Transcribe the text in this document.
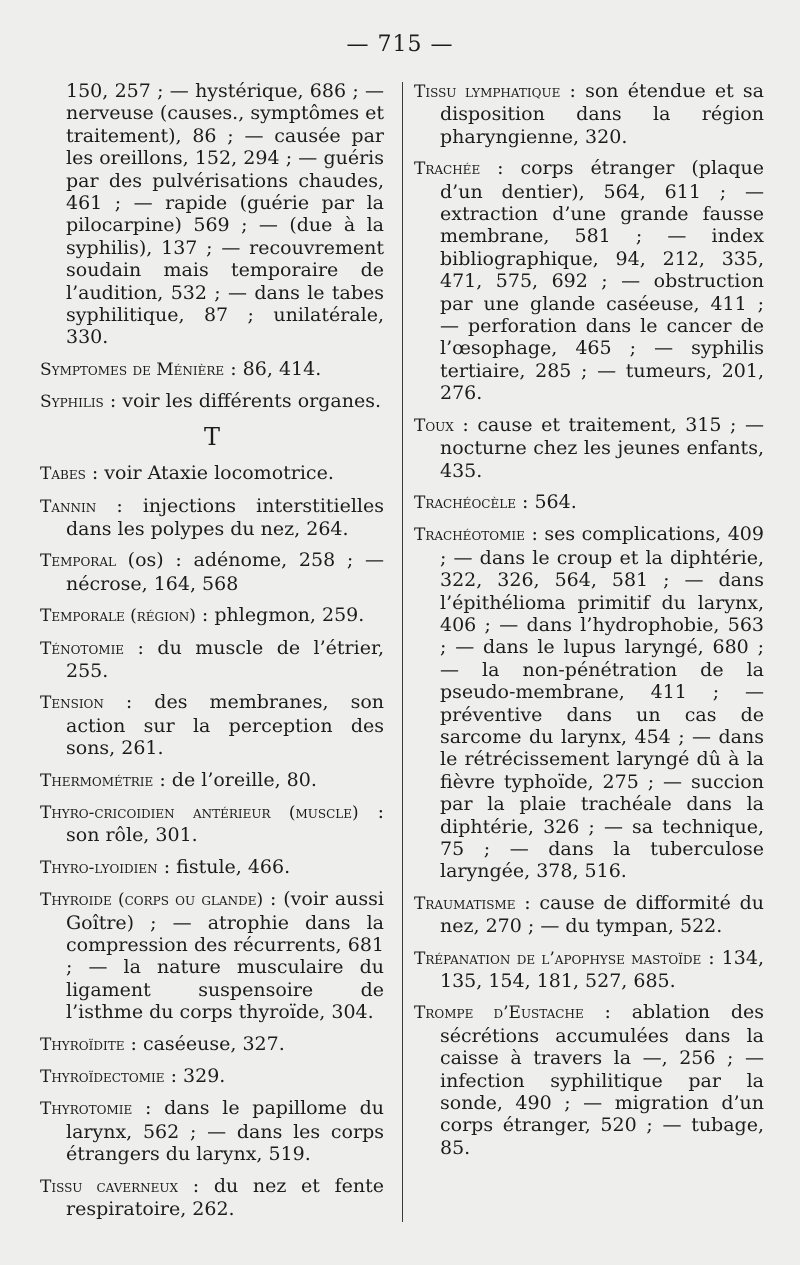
— 715 —

150, 257 ; — hystérique, 686 ; — nerveuse (causes., symptômes et traitement), 86 ; — causée par les oreillons, 152, 294 ; — guéris par des pulvérisations chaudes, 461 ; — rapide (guérie par la pilocarpine) 569 ; — (due à la syphilis), 137 ; — recouvrement soudain mais temporaire de l’audition, 532 ; — dans le tabes syphilitique, 87 ; unilatérale, 330.

Symptomes de Ménière : 86, 414.

Syphilis : voir les différents organes.

T

Tabes : voir Ataxie locomotrice.

Tannin : injections interstitielles dans les polypes du nez, 264.

Temporal (os) : adénome, 258 ; — nécrose, 164, 568

Temporale (région) : phlegmon, 259.

Ténotomie : du muscle de l’étrier, 255.

Tension : des membranes, son action sur la perception des sons, 261.

Thermométrie : de l’oreille, 80.

Thyro-cricoidien antérieur (muscle) : son rôle, 301.

Thyro-lyoidien : fistule, 466.

Thyroide (corps ou glande) : (voir aussi Goître) ; — atrophie dans la compression des récurrents, 681 ; — la nature musculaire du ligament suspensoire de l’isthme du corps thyroïde, 304.

Thyroïdite : caséeuse, 327.

Thyroïdectomie : 329.

Thyrotomie : dans le papillome du larynx, 562 ; — dans les corps étrangers du larynx, 519.

Tissu caverneux : du nez et fente respiratoire, 262.

Tissu lymphatique : son étendue et sa disposition dans la région pharyngienne, 320.

Trachée : corps étranger (plaque d’un dentier), 564, 611 ; — extraction d’une grande fausse membrane, 581 ; — index bibliographique, 94, 212, 335, 471, 575, 692 ; — obstruction par une glande caséeuse, 411 ; — perforation dans le cancer de l’œsophage, 465 ; — syphilis tertiaire, 285 ; — tumeurs, 201, 276.

Toux : cause et traitement, 315 ; — nocturne chez les jeunes enfants, 435.

Trachéocèle : 564.

Trachéotomie : ses complications, 409 ; — dans le croup et la diphtérie, 322, 326, 564, 581 ; — dans l’épithélioma primitif du larynx, 406 ; — dans l’hydrophobie, 563 ; — dans le lupus laryngé, 680 ; — la non-pénétration de la pseudo-membrane, 411 ; — préventive dans un cas de sarcome du larynx, 454 ; — dans le rétrécissement laryngé dû à la fièvre typhoïde, 275 ; — succion par la plaie trachéale dans la diphtérie, 326 ; — sa technique, 75 ; — dans la tuberculose laryngée, 378, 516.

Traumatisme : cause de difformité du nez, 270 ; — du tympan, 522.

Trépanation de l’apophyse mastoïde : 134, 135, 154, 181, 527, 685.

Trompe d’Eustache : ablation des sécrétions accumulées dans la caisse à travers la —, 256 ; — infection syphilitique par la sonde, 490 ; — migration d’un corps étranger, 520 ; — tubage, 85.
